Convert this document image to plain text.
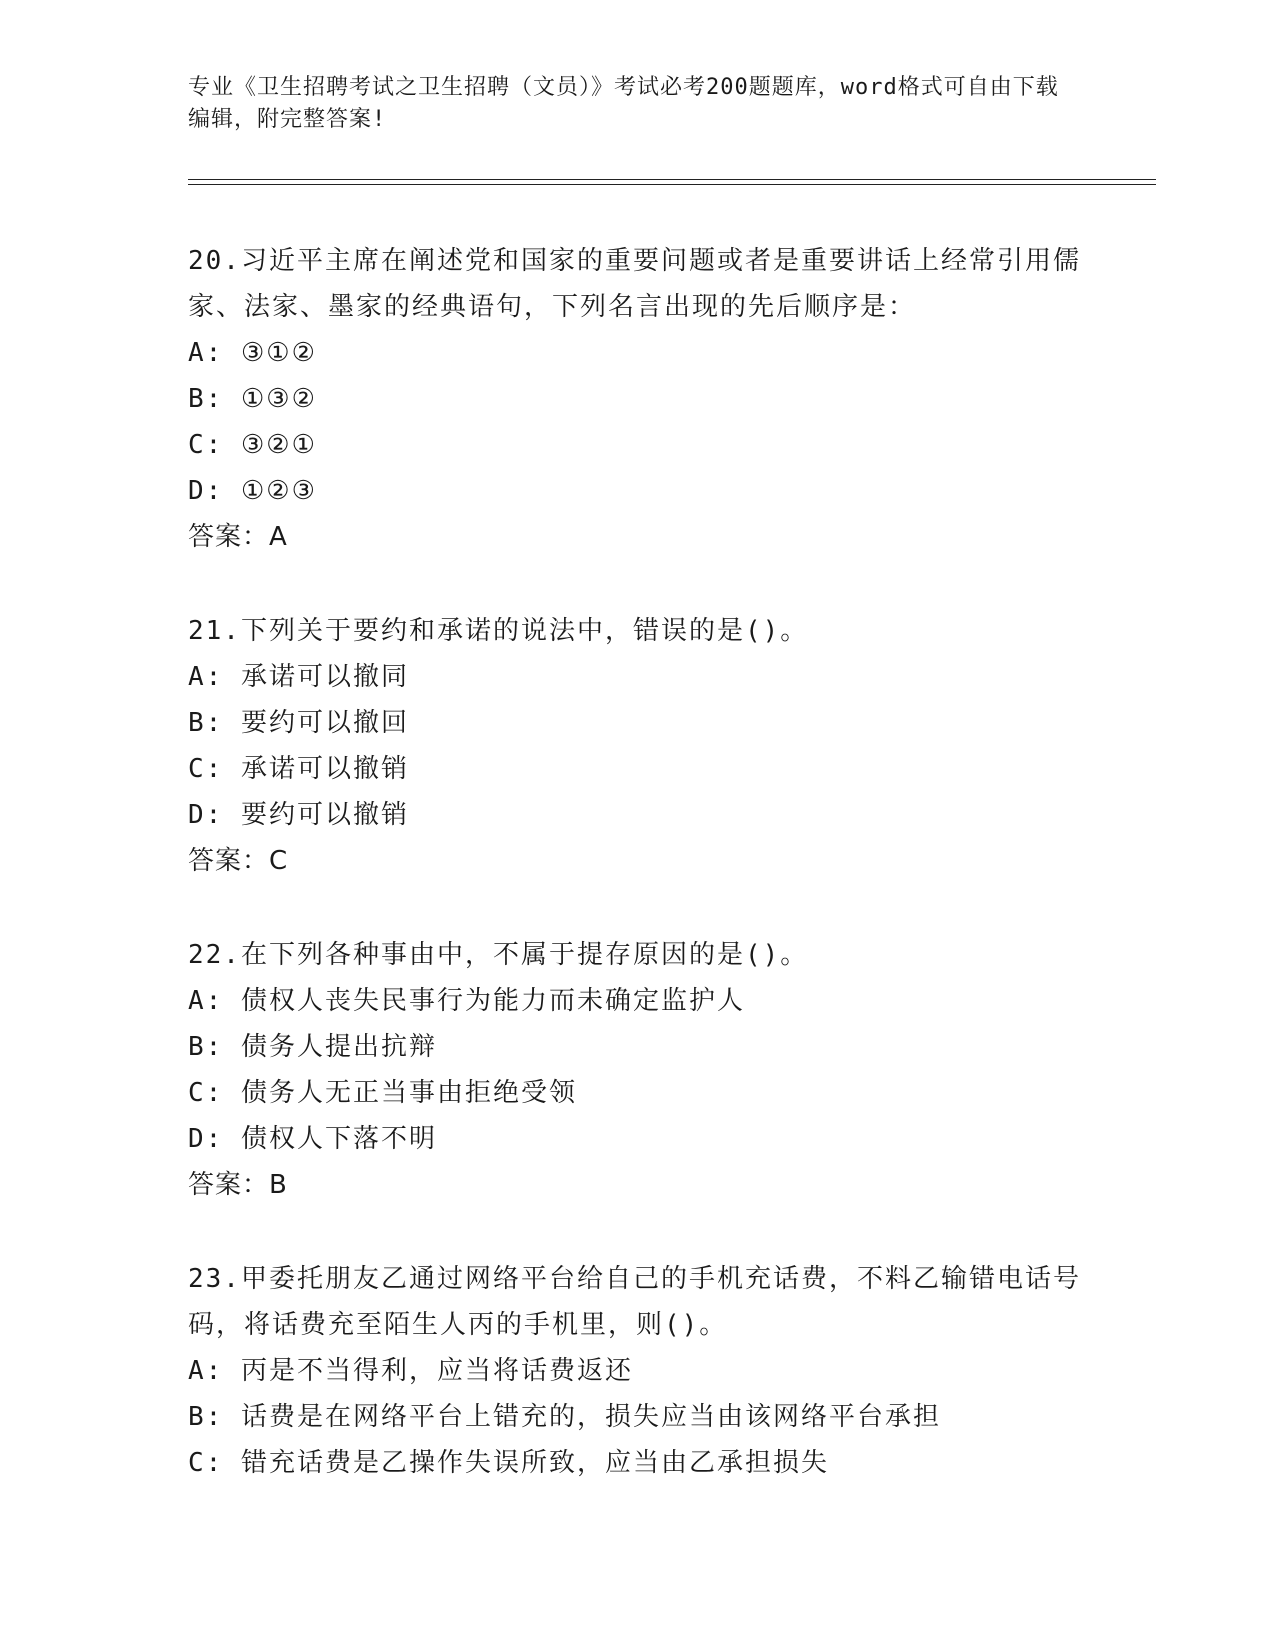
专业《卫生招聘考试之卫生招聘（文员）》考试必考200题题库，word格式可自由下载编辑，附完整答案!
20.习近平主席在阐述党和国家的重要问题或者是重要讲话上经常引用儒家、法家、墨家的经典语句，下列名言出现的先后顺序是：
A: ③①②
B: ①③②
C: ③②①
D: ①②③
答案：A
21.下列关于要约和承诺的说法中，错误的是()。
A: 承诺可以撤同
B: 要约可以撤回
C: 承诺可以撤销
D: 要约可以撤销
答案：C
22.在下列各种事由中，不属于提存原因的是()。
A: 债权人丧失民事行为能力而未确定监护人
B: 债务人提出抗辩
C: 债务人无正当事由拒绝受领
D: 债权人下落不明
答案：B
23.甲委托朋友乙通过网络平台给自己的手机充话费，不料乙输错电话号码，将话费充至陌生人丙的手机里，则()。
A: 丙是不当得利，应当将话费返还
B: 话费是在网络平台上错充的，损失应当由该网络平台承担
C: 错充话费是乙操作失误所致，应当由乙承担损失
